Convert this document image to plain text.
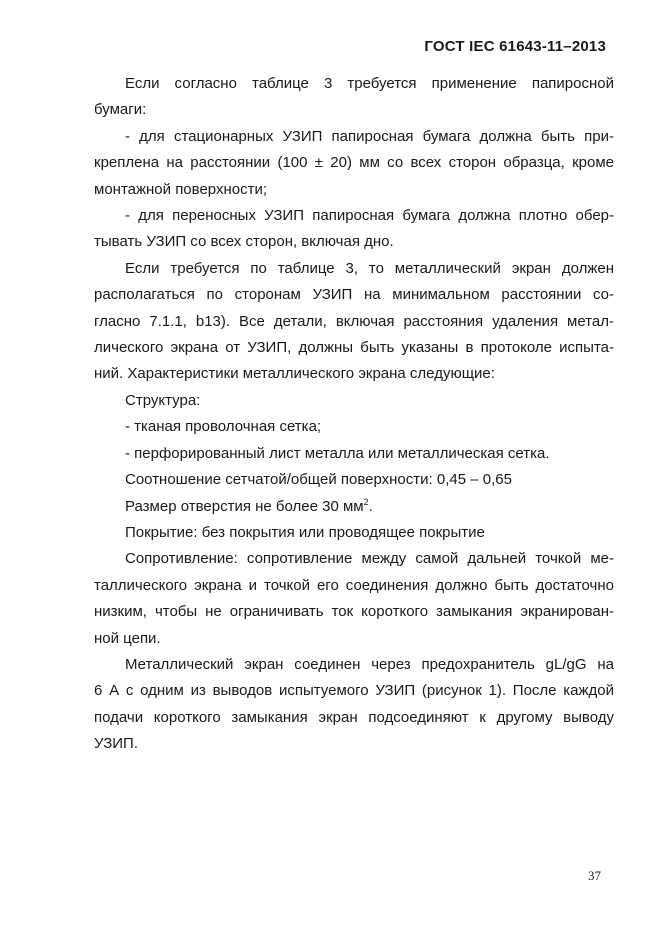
ГОСТ IEC 61643-11–2013
Если согласно таблице 3 требуется применение папиросной
бумаги:
- для стационарных УЗИП папиросная бумага должна быть при-
креплена на расстоянии (100 ± 20) мм со всех сторон образца, кроме
монтажной поверхности;
- для переносных УЗИП папиросная бумага должна плотно обер-
тывать УЗИП со всех сторон, включая дно.
Если требуется по таблице 3, то металлический экран должен
располагаться по сторонам УЗИП на минимальном расстоянии со-
гласно 7.1.1, b13). Все детали, включая расстояния удаления метал-
лического экрана от УЗИП, должны быть указаны в протоколе испыта-
ний. Характеристики металлического экрана следующие:
Структура:
- тканая проволочная сетка;
- перфорированный лист металла или металлическая сетка.
Соотношение сетчатой/общей поверхности: 0,45 – 0,65
Размер отверстия не более 30 $мм^2$.
Покрытие: без покрытия или проводящее покрытие
Сопротивление: сопротивление между самой дальней точкой ме-
таллического экрана и точкой его соединения должно быть достаточно
низким, чтобы не ограничивать ток короткого замыкания экранирован-
ной цепи.
Металлический экран соединен через предохранитель gL/gG на
6 А с одним из выводов испытуемого УЗИП (рисунок 1). После каждой
подачи короткого замыкания экран подсоединяют к другому выводу
УЗИП.
37
